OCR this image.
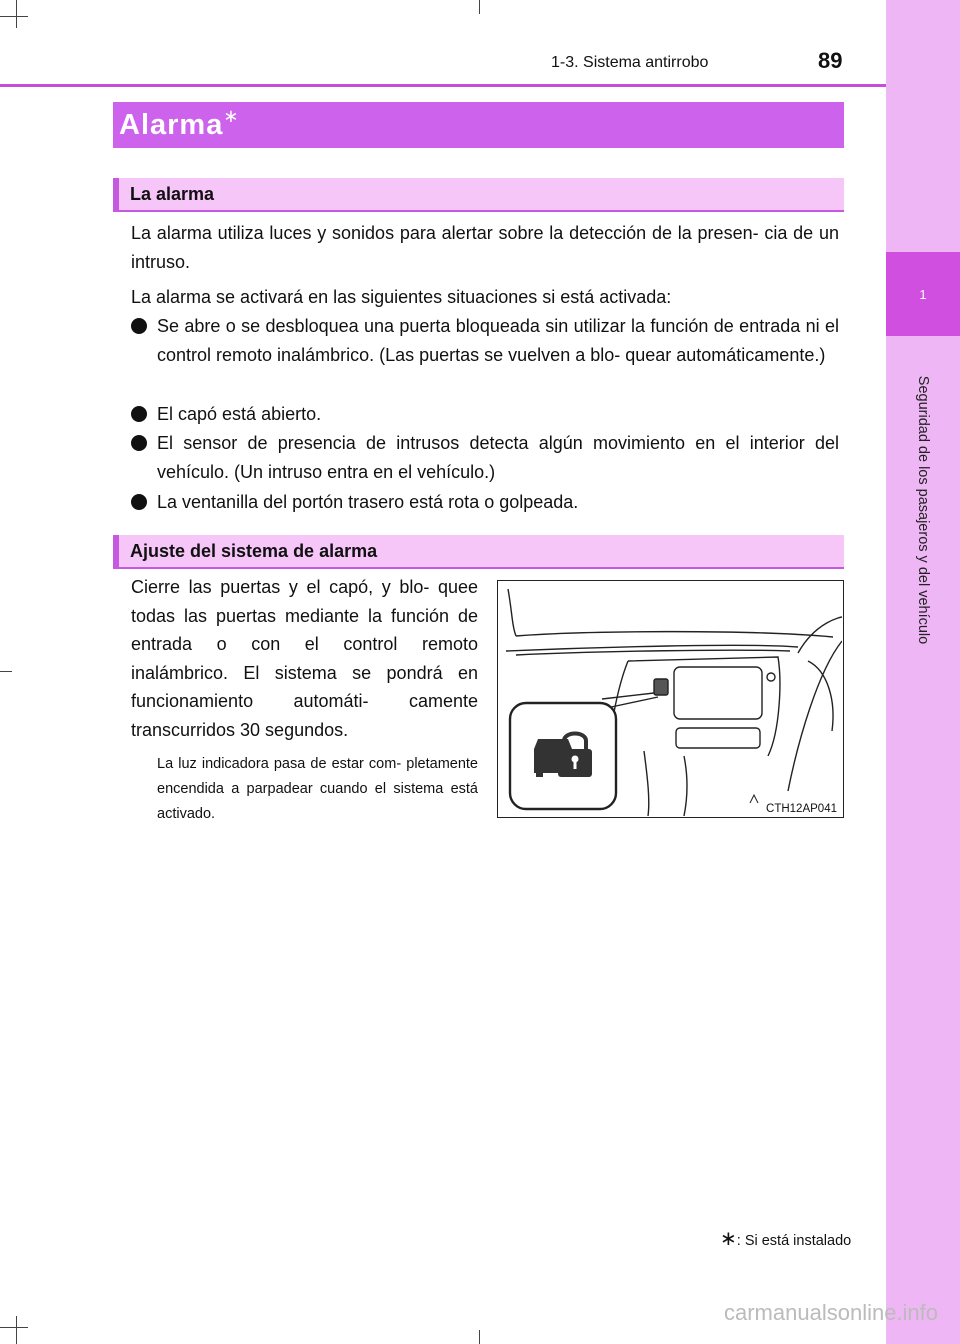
1
Seguridad de los pasajeros y del vehículo
1-3. Sistema antirrobo	89
Alarma∗
La alarma

La alarma utiliza luces y sonidos para alertar sobre la detección de la presen- cia de un intruso.

La alarma se activará en las siguientes situaciones si está activada:

Se abre o se desbloquea una puerta bloqueada sin utilizar la función de entrada ni el control remoto inalámbrico. (Las puertas se vuelven a blo- quear automáticamente.)
El capó está abierto.
El sensor de presencia de intrusos detecta algún movimiento en el interior del vehículo. (Un intruso entra en el vehículo.)
La ventanilla del portón trasero está rota o golpeada.
Ajuste del sistema de alarma
Cierre las puertas y el capó, y blo- quee todas las puertas mediante la función de entrada o con el control remoto inalámbrico. El sistema se pondrá en funcionamiento automáti- camente transcurridos 30 segundos.
La luz indicadora pasa de estar com- pletamente encendida a parpadear cuando el sistema está activado.	CTH12AP041
∗: Si está instalado
carmanualsonline.info
